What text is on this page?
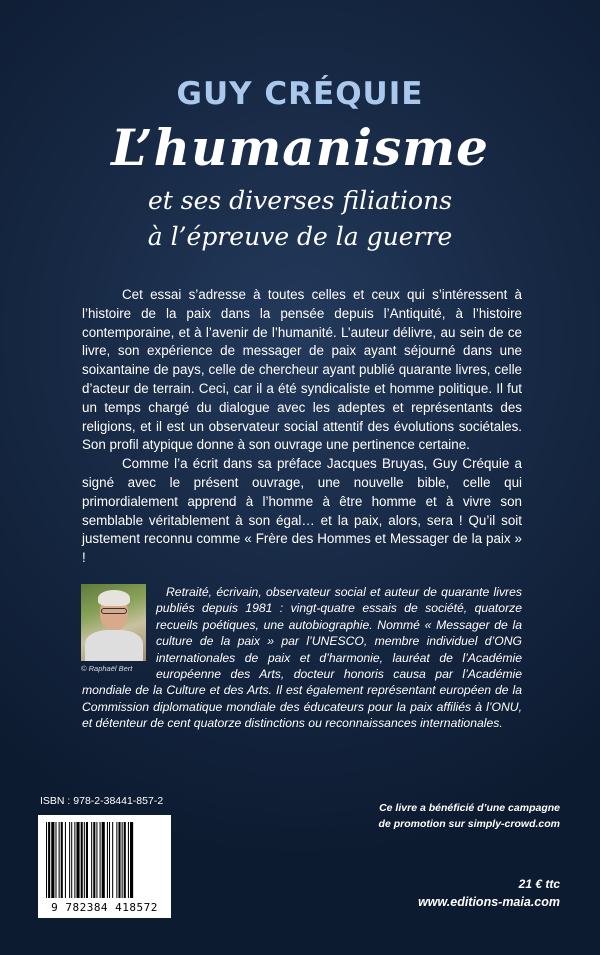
GUY CRÉQUIE
L’humanisme
et ses diverses filiations
à l’épreuve de la guerre

Cet essai s’adresse à toutes celles et ceux qui s’intéressent à l’histoire de la paix dans la pensée depuis l’Antiquité, à l’histoire contemporaine, et à l’avenir de l’humanité. L’auteur délivre, au sein de ce livre, son expérience de messager de paix ayant séjourné dans une soixantaine de pays, celle de chercheur ayant publié quarante livres, celle d’acteur de terrain. Ceci, car il a été syndicaliste et homme politique. Il fut un temps chargé du dialogue avec les adeptes et représentants des religions, et il est un observateur social attentif des évolutions sociétales. Son profil atypique donne à son ouvrage une pertinence certaine.

Comme l’a écrit dans sa préface Jacques Bruyas, Guy Créquie a signé avec le présent ouvrage, une nouvelle bible, celle qui primordialement apprend à l’homme à être homme et à vivre son semblable véritablement à son égal… et la paix, alors, sera ! Qu’il soit justement reconnu comme « Frère des Hommes et Messager de la paix » !

© Raphaël Bert

Retraité, écrivain, observateur social et auteur de quarante livres publiés depuis 1981 : vingt-quatre essais de société, quatorze recueils poétiques, une autobiographie. Nommé « Messager de la culture de la paix » par l’UNESCO, membre individuel d’ONG internationales de paix et d’harmonie, lauréat de l’Académie européenne des Arts, docteur honoris causa par l’Académie mondiale de la Culture et des Arts. Il est également représentant européen de la Commission diplomatique mondiale des éducateurs pour la paix affiliés à l’ONU, et détenteur de cent quatorze distinctions ou reconnaissances internationales.

ISBN : 978-2-38441-857-2
9 782384 418572
Ce livre a bénéficié d’une campagne
de promotion sur simply-crowd.com
21 € ttc
www.editions-maia.com
